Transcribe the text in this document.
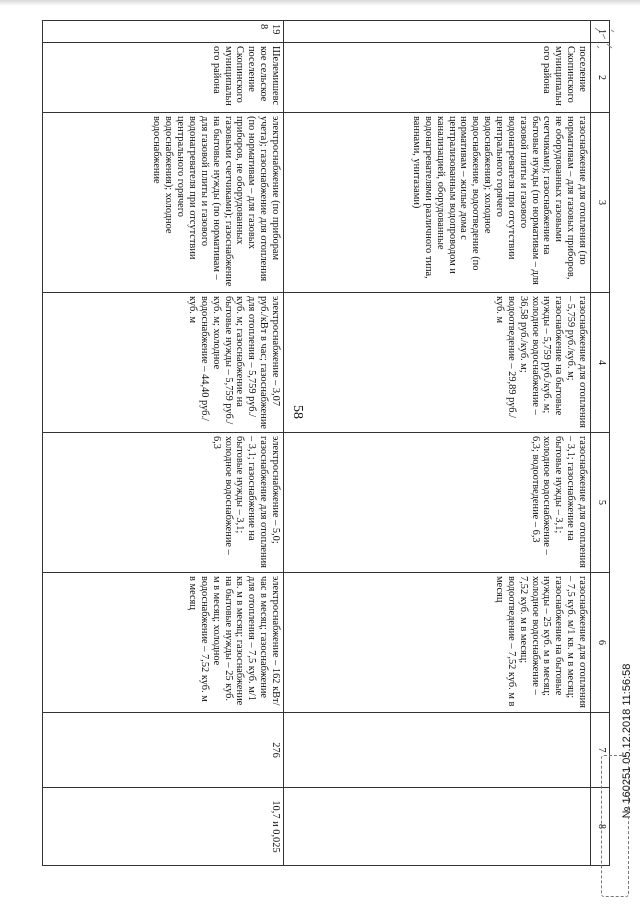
58
1	2	3	4	5	6	7	8
	поселение Скопинского муниципального района	газоснабжение для отопления (по нормативам – для газовых приборов, не оборудованных газовыми счетчиками); газоснабжение на бытовые нужды (по нормативам – для газовой плиты и газового водонагревателя при отсутствии центрального горячего водоснабжения); холодное водоснабжение, водоотведение (по нормативам – жилые дома с централизованным водопроводом и канализацией, оборудованные водонагревателями различного типа, ваннами, унитазами)	газоснабжение для отопления – 5,759 руб./куб. м; газоснабжение на бытовые нужды – 5,759 руб./куб. м; холодное водоснабжение – 36,58 руб./куб. м; водоотведение – 29,89 руб./куб. м	газоснабжение для отопления – 3,1; газоснабжение на бытовые нужды – 3,1; холодное водоснабжение – 6,3; водоотведение – 6,3	газоснабжение для отопления – 7,5 куб. м/1 кв. м в месяц; газоснабжение на бытовые нужды – 25 куб. м в месяц; холодное водоснабжение – 7,52 куб. м в месяц; водоотведение – 7,52 куб. м в месяц		
198	Шелемишевское сельское поселение Скопинского муниципального района	электроснабжение (по приборам учета); газоснабжение для отопления (по нормативам – для газовых приборов, не оборудованных газовыми счетчиками); газоснабжение на бытовые нужды (по нормативам – для газовой плиты и газового водонагревателя при отсутствии центрального горячего водоснабжения); холодное водоснабжение	электроснабжение – 3,07 руб./кВт в час; газоснабжение для отопления – 5,759 руб./куб. м; газоснабжение на бытовые нужды – 5,759 руб./куб. м; холодное водоснабжение – 44,40 руб./куб. м	электроснабжение – 5,0; газоснабжение для отопления – 3,1; газоснабжение на бытовые нужды – 3,1; холодное водоснабжение – 6,3	электроснабжение – 162 кВт/час в месяц; газоснабжение для отопления – 7,5 куб. м/1 кв. м в месяц; газоснабжение на бытовые нужды – 25 куб. м в месяц; холодное водоснабжение – 7,52 куб. м в месяц	276	10,7 и 0,025
№ 160251 05.12.2018 11:56:58
